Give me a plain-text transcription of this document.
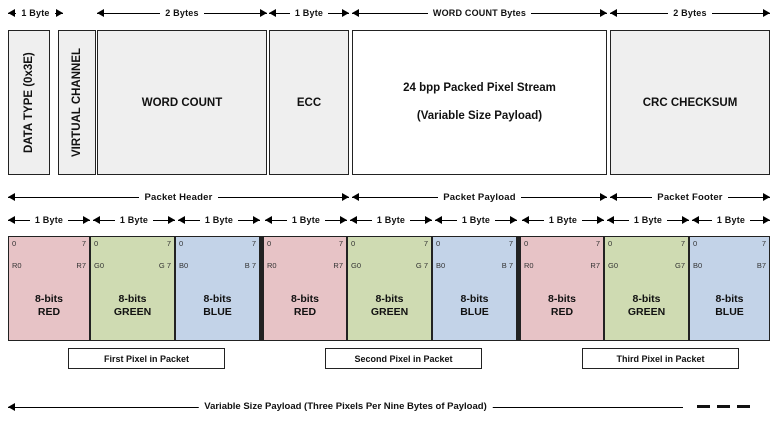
1 Byte	2 Bytes	1 Byte	WORD COUNT Bytes	2 Bytes
DATA TYPE (0x3E)	VIRTUAL CHANNEL	WORD COUNT	ECC
24 bpp Packed Pixel Stream
(Variable Size Payload)
CRC CHECKSUM
Packet Header	Packet Payload	Packet Footer
1 Byte	1 Byte	1 Byte	1 Byte	1 Byte	1 Byte	1 Byte	1 Byte	1 Byte
0	7
R0	R7
8-bits
RED
0	7
G0	G 7
8-bits
GREEN
0	7
B0	B 7
8-bits
BLUE
0	7
R0	R7
8-bits
RED
0	7
G0	G 7
8-bits
GREEN
0	7
B0	B 7
8-bits
BLUE
0	7
R0	R7
8-bits
RED
0	7
G0	G7
8-bits
GREEN
0	7
B0	B7
8-bits
BLUE
First Pixel in Packet	Second Pixel in Packet	Third Pixel in Packet
Variable Size Payload (Three Pixels Per Nine Bytes of Payload)
